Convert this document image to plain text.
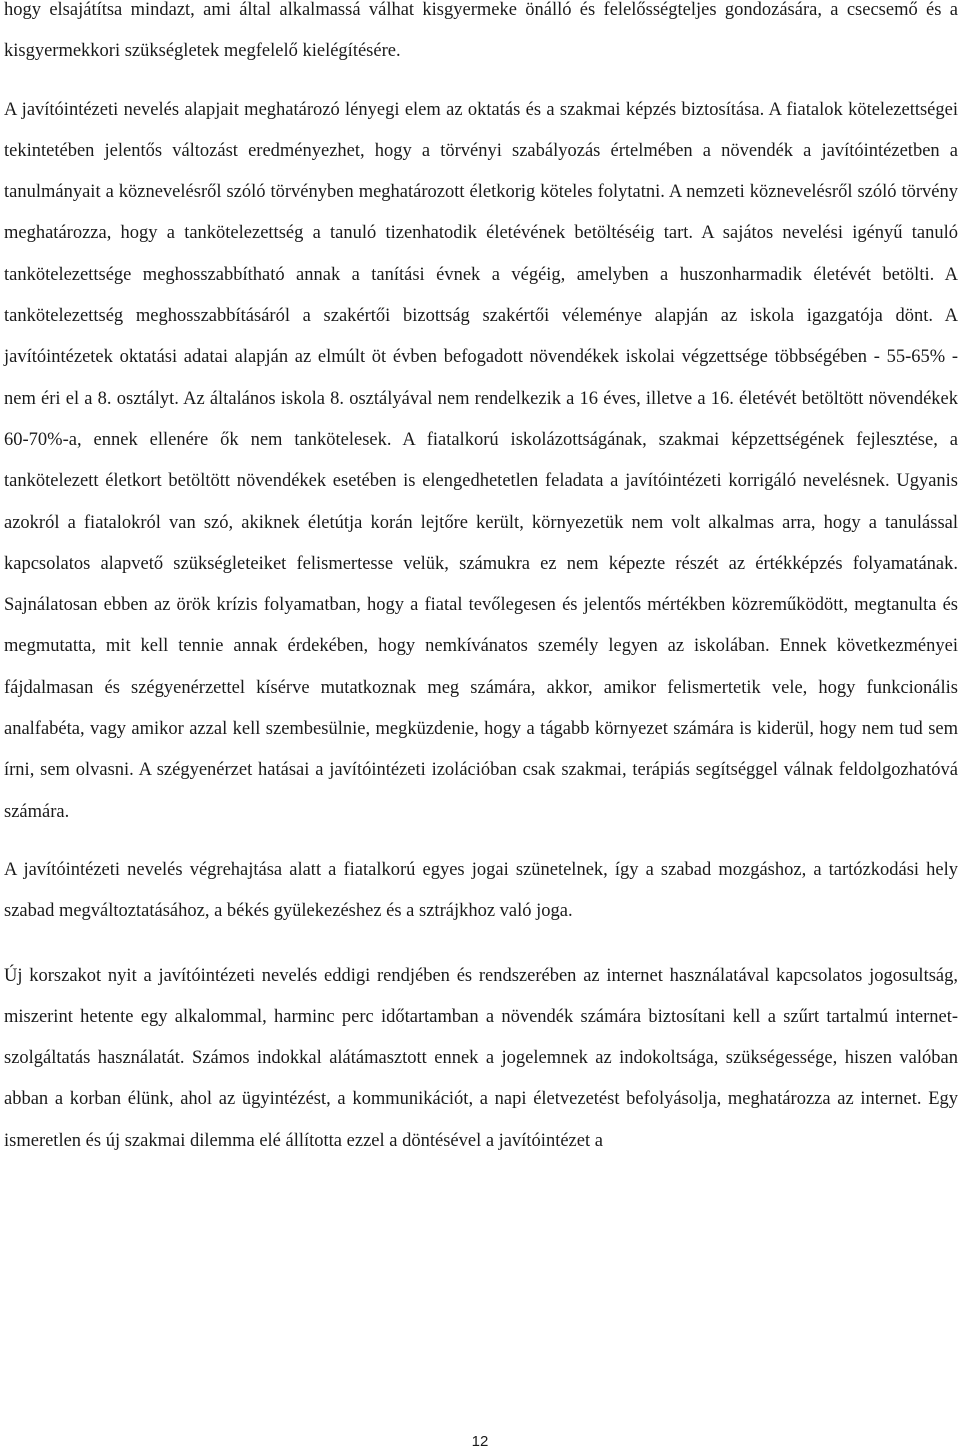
hogy elsajátítsa mindazt, ami által alkalmassá válhat kisgyermeke önálló és felelősségteljes gondozására, a csecsemő és a kisgyermekkori szükségletek megfelelő kielégítésére.

A javítóintézeti nevelés alapjait meghatározó lényegi elem az oktatás és a szakmai képzés biztosítása. A fiatalok kötelezettségei tekintetében jelentős változást eredményezhet, hogy a törvényi szabályozás értelmében a növendék a javítóintézetben a tanulmányait a köznevelésről szóló törvényben meghatározott életkorig köteles folytatni. A nemzeti köznevelésről szóló törvény meghatározza, hogy a tankötelezettség a tanuló tizenhatodik életévének betöltéséig tart. A sajátos nevelési igényű tanuló tankötelezettsége meghosszabbítható annak a tanítási évnek a végéig, amelyben a huszonharmadik életévét betölti. A tankötelezettség meghosszabbításáról a szakértői bizottság szakértői véleménye alapján az iskola igazgatója dönt. A javítóintézetek oktatási adatai alapján az elmúlt öt évben befogadott növendékek iskolai végzettsége többségében - 55-65% - nem éri el a 8. osztályt. Az általános iskola 8. osztályával nem rendelkezik a 16 éves, illetve a 16. életévét betöltött növendékek 60-70%-a, ennek ellenére ők nem tankötelesek. A fiatalkorú iskolázottságának, szakmai képzettségének fejlesztése, a tankötelezett életkort betöltött növendékek esetében is elengedhetetlen feladata a javítóintézeti korrigáló nevelésnek. Ugyanis azokról a fiatalokról van szó, akiknek életútja korán lejtőre került, környezetük nem volt alkalmas arra, hogy a tanulással kapcsolatos alapvető szükségleteiket felismertesse velük, számukra ez nem képezte részét az értékképzés folyamatának. Sajnálatosan ebben az örök krízis folyamatban, hogy a fiatal tevőlegesen és jelentős mértékben közreműködött, megtanulta és megmutatta, mit kell tennie annak érdekében, hogy nemkívánatos személy legyen az iskolában. Ennek következményei fájdalmasan és szégyenérzettel kísérve mutatkoznak meg számára, akkor, amikor felismertetik vele, hogy funkcionális analfabéta, vagy amikor azzal kell szembesülnie, megküzdenie, hogy a tágabb környezet számára is kiderül, hogy nem tud sem írni, sem olvasni. A szégyenérzet hatásai a javítóintézeti izolációban csak szakmai, terápiás segítséggel válnak feldolgozhatóvá számára.

A javítóintézeti nevelés végrehajtása alatt a fiatalkorú egyes jogai szünetelnek, így a szabad mozgáshoz, a tartózkodási hely szabad megváltoztatásához, a békés gyülekezéshez és a sztrájkhoz való joga.

Új korszakot nyit a javítóintézeti nevelés eddigi rendjében és rendszerében az internet használatával kapcsolatos jogosultság, miszerint hetente egy alkalommal, harminc perc időtartamban a növendék számára biztosítani kell a szűrt tartalmú internet-szolgáltatás használatát. Számos indokkal alátámasztott ennek a jogelemnek az indokoltsága, szükségessége, hiszen valóban abban a korban élünk, ahol az ügyintézést, a kommunikációt, a napi életvezetést befolyásolja, meghatározza az internet. Egy ismeretlen és új szakmai dilemma elé állította ezzel a döntésével a javítóintézet a

12
